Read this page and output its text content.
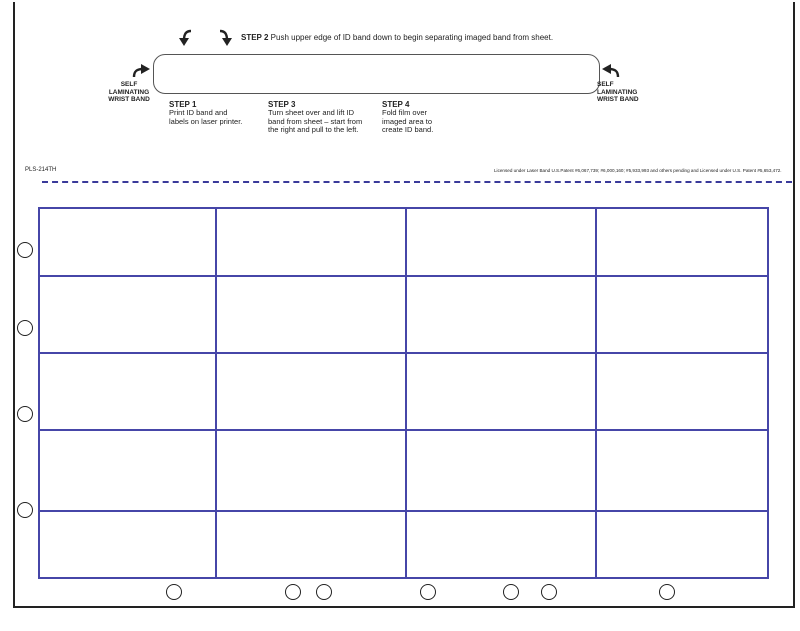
STEP 2 Push upper edge of ID band down to begin separating imaged band from sheet.
SELF
LAMINATING
WRIST BAND
SELF
LAMINATING
WRIST BAND
STEP 1
Print ID band and
labels on laser printer.
STEP 3
Turn sheet over and lift ID
band from sheet – start from
the right and pull to the left.
STEP 4
Fold film over
imaged area to
create ID band.
PLS-214TH	Licensed under Laser Band U.S.Patent #6,067,739; #6,000,160; #5,933,993 and others pending and Licensed under U.S. Patent #5,653,472.
